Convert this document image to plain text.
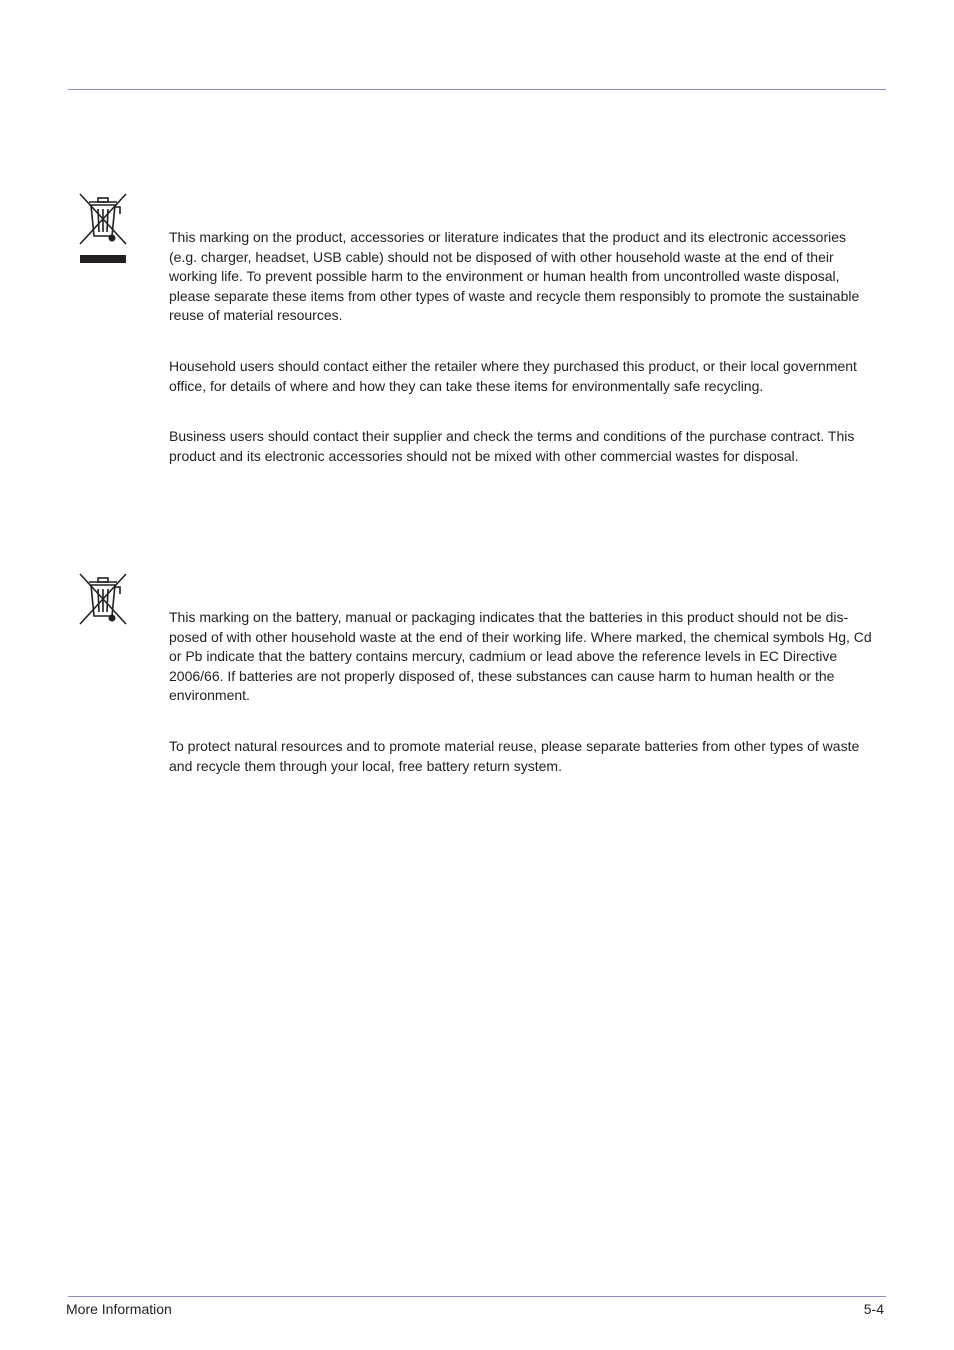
This marking on the product, accessories or literature indicates that the product and its electronic accessories (e.g. charger, headset, USB cable) should not be disposed of with other household waste at the end of their working life. To prevent possible harm to the environment or human health from uncontrolled waste disposal, please separate these items from other types of waste and recycle them responsibly to promote the sustainable reuse of material resources.

Household users should contact either the retailer where they purchased this product, or their local government office, for details of where and how they can take these items for environmentally safe recycling.

Business users should contact their supplier and check the terms and conditions of the purchase contract. This product and its electronic accessories should not be mixed with other commercial wastes for disposal.

This marking on the battery, manual or packaging indicates that the batteries in this product should not be dis-posed of with other household waste at the end of their working life. Where marked, the chemical symbols Hg, Cd or Pb indicate that the battery contains mercury, cadmium or lead above the reference levels in EC Directive 2006/66. If batteries are not properly disposed of, these substances can cause harm to human health or the environment.

To protect natural resources and to promote material reuse, please separate batteries from other types of waste and recycle them through your local, free battery return system.

More Information	5-4
